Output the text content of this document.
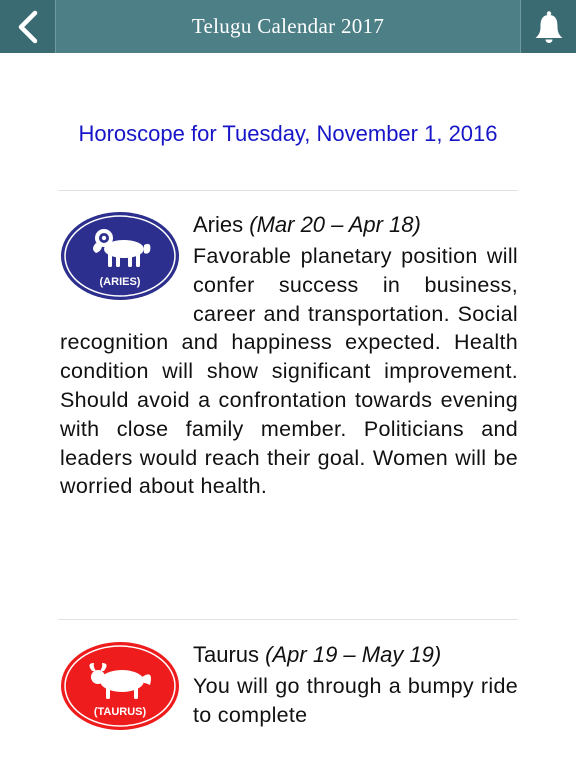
Telugu Calendar 2017
Horoscope for Tuesday, November 1, 2016
(ARIES)
Aries (Mar 20 – Apr 18)
Favorable planetary position will confer success in business, career and transportation. Social recognition and happiness expected. Health condition will show significant improvement. Should avoid a confrontation towards evening with close family member. Politicians and leaders would reach their goal. Women will be worried about health.
(TAURUS)
Taurus (Apr 19 – May 19)
You will go through a bumpy ride to complete
